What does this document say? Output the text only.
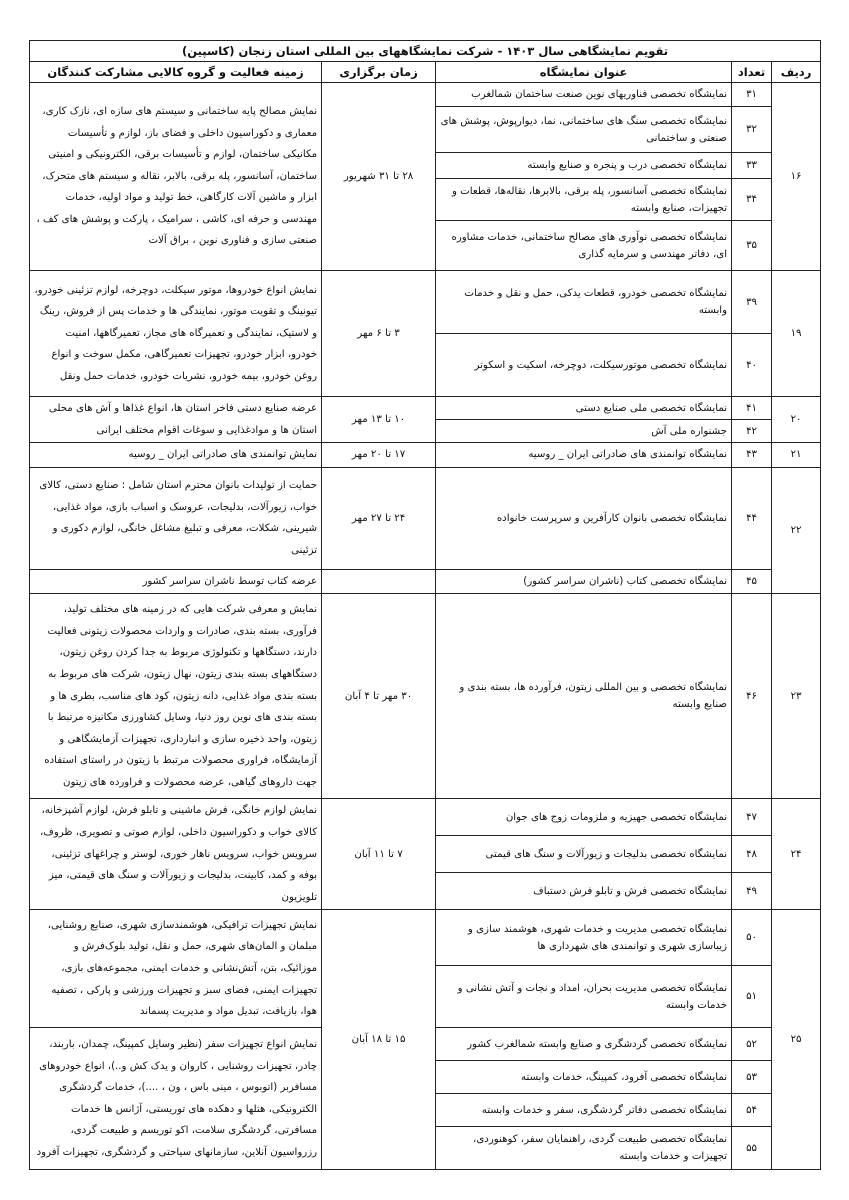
تقویم نمایشگاهی سال ۱۴۰۳ - شرکت نمایشگاههای بین المللی استان زنجان (کاسپین)				
ردیف	تعداد	عنوان نمایشگاه	زمان برگزاری	زمینه فعالیت و گروه کالایی مشارکت کنندگان
۱۶	۳۱	نمایشگاه تخصصی فناوریهای نوین صنعت ساختمان شمالغرب	۲۸ تا ۳۱ شهریور	نمایش مصالح پایه ساختمانی و سیستم های سازه ای، نازک کاری، معماری و دکوراسیون داخلی و فضای باز، لوازم و تأسیسات مکانیکی ساختمان، لوازم و تأسیسات برقی، الکترونیکی و امنیتی ساختمان، آسانسور، پله برقی، بالابر، نقاله و سیستم های متحرک، ابزار و ماشین آلات کارگاهی، خط تولید و مواد اولیه، خدمات مهندسی و حرفه ای، کاشی ، سرامیک ، پارکت و پوشش های کف ، صنعتی سازی و فناوری نوین ، براق آلات
	۳۲	نمایشگاه تخصصی سنگ های ساختمانی، نما، دیوارپوش، پوشش های صنعتی و ساختمانی		
	۳۳	نمایشگاه تخصصی درب و پنجره و صنایع وابسته		
	۳۴	نمایشگاه تخصصی آسانسور، پله برقی، بالابرها، نقاله‌ها، قطعات و تجهیزات، صنایع وابسته		
	۳۵	نمایشگاه تخصصی نوآوری های مصالح ساختمانی، خدمات مشاوره ای، دفاتر مهندسی و سرمایه گذاری		
۱۹	۳۹	نمایشگاه تخصصی خودرو، قطعات یدکی، حمل و نقل و خدمات وابسته	۳ تا ۶ مهر	نمایش انواع خودروها، موتور سیکلت، دوچرخه، لوازم تزئینی خودرو، تیونینگ و تقویت موتور، نمایندگی ها و خدمات پس از فروش، رینگ و لاستیک، نمایندگی و تعمیرگاه های مجاز، تعمیرگاهها، امنیت خودرو، ابزار خودرو، تجهیزات تعمیرگاهی، مکمل سوخت و انواع روغن خودرو، بیمه خودرو، نشریات خودرو، خدمات حمل ونقل
	۴۰	نمایشگاه تخصصی موتورسیکلت، دوچرخه، اسکیت و اسکوتر		
۲۰	۴۱	نمایشگاه تخصصی ملی صنایع دستی	۱۰ تا ۱۳ مهر	عرضه صنایع دستی فاخر استان ها، انواع غذاها و آش های محلی استان ها و موادغذایی و سوغات اقوام مختلف ایرانی
	۴۲	جشنواره ملی آش		
۲۱	۴۳	نمایشگاه توانمندی های صادراتی ایران _ روسیه	۱۷ تا ۲۰ مهر	نمایش توانمندی های صادراتی ایران _ روسیه
۲۲	۴۴	نمایشگاه تخصصی بانوان کارآفرین و سرپرست خانواده	۲۴ تا ۲۷ مهر	حمایت از تولیدات بانوان محترم استان شامل : صنایع دستی، کالای خواب، زیورآلات، بدلیجات، عروسک و اسباب بازی، مواد غذایی، شیرینی، شکلات، معرفی و تبلیغ مشاغل خانگی، لوازم دکوری و تزئینی
	۴۵	نمایشگاه تخصصی کتاب (ناشران سراسر کشور)		عرضه کتاب توسط ناشران سراسر کشور
۲۳	۴۶	نمایشگاه تخصصی و بین المللی زیتون، فرآورده ها، بسته بندی و صنایع وابسته	۳۰ مهر تا ۴ آبان	نمایش و معرفی شرکت هایی که در زمینه های مختلف تولید، فرآوری، بسته بندی، صادرات و واردات محصولات زیتونی فعالیت دارند، دستگاهها و تکنولوژی مربوط به جدا کردن روغن زیتون، دستگاههای بسته بندی زیتون، نهال زیتون، شرکت های مربوط به بسته بندی مواد غذایی، دانه زیتون، کود های مناسب، بطری ها و بسته بندی های نوین روز دنیا، وسایل کشاورزی مکانیزه مرتبط با زیتون، واحد ذخیره سازی و انبارداری، تجهیزات آزمایشگاهی و آزمایشگاه، فراوری محصولات مرتبط با زیتون در راستای استفاده جهت داروهای گیاهی، عرضه محصولات و فراورده های زیتون
۲۴	۴۷	نمایشگاه تخصصی جهیزیه و ملزومات زوج های جوان	۷ تا ۱۱ آبان	نمایش لوازم خانگی، فرش ماشینی و تابلو فرش، لوازم آشپزخانه، کالای خواب و دکوراسیون داخلی، لوازم صوتی و تصویری، ظروف، سرویس خواب، سرویس ناهار خوری، لوستر و چراغهای تزئینی، بوفه و کمد، کابینت، بدلیجات و زیورآلات و سنگ های قیمتی، میز تلویزیون
	۴۸	نمایشگاه تخصصی بدلیجات و زیورآلات و سنگ های قیمتی		
	۴۹	نمایشگاه تخصصی فرش و تابلو فرش دستباف		
۲۵	۵۰	نمایشگاه تخصصی مدیریت و خدمات شهری، هوشمند سازی و زیباسازی شهری و توانمندی های شهرداری ها	۱۵ تا ۱۸ آبان	نمایش تجهیزات ترافیکی، هوشمندسازی شهری، صنایع روشنایی، مبلمان و المان‌های شهری، حمل و نقل، تولید بلوک‌فرش و موزائیک، بتن، آتش‌نشانی و خدمات ایمنی، مجموعه‌های بازی، تجهیزات ایمنی، فضای سبز و تجهیزات ورزشی و پارکی ، تصفیه هوا، بازیافت، تبدیل مواد و مدیریت پسماند
	۵۱	نمایشگاه تخصصی مدیریت بحران، امداد و نجات و آتش نشانی و خدمات وابسته		
	۵۲	نمایشگاه تخصصی گردشگری و صنایع وابسته شمالغرب کشور		نمایش انواع تجهیزات سفر (نظیر وسایل کمپینگ، چمدان، باربند، چادر، تجهیزات روشنایی ، کاروان و یدک کش و..)، انواع خودروهای مسافربر (اتوبوس ، مینی باس ، ون ، ....)، خدمات گردشگری الکترونیکی، هتلها و دهکده های توریستی، آژانس ها خدمات مسافرتی، گردشگری سلامت، اکو توریسم و طبیعت گردی، رزرواسیون آنلاین، سازمانهای سیاحتی و گردشگری، تجهیزات آفرود
	۵۳	نمایشگاه تخصصی آفرود، کمپینگ، خدمات وابسته		
	۵۴	نمایشگاه تخصصی دفاتر گردشگری، سفر و خدمات وابسته		
	۵۵	نمایشگاه تخصصی طبیعت گردی، راهنمایان سفر، کوهنوردی، تجهیزات و خدمات وابسته		
